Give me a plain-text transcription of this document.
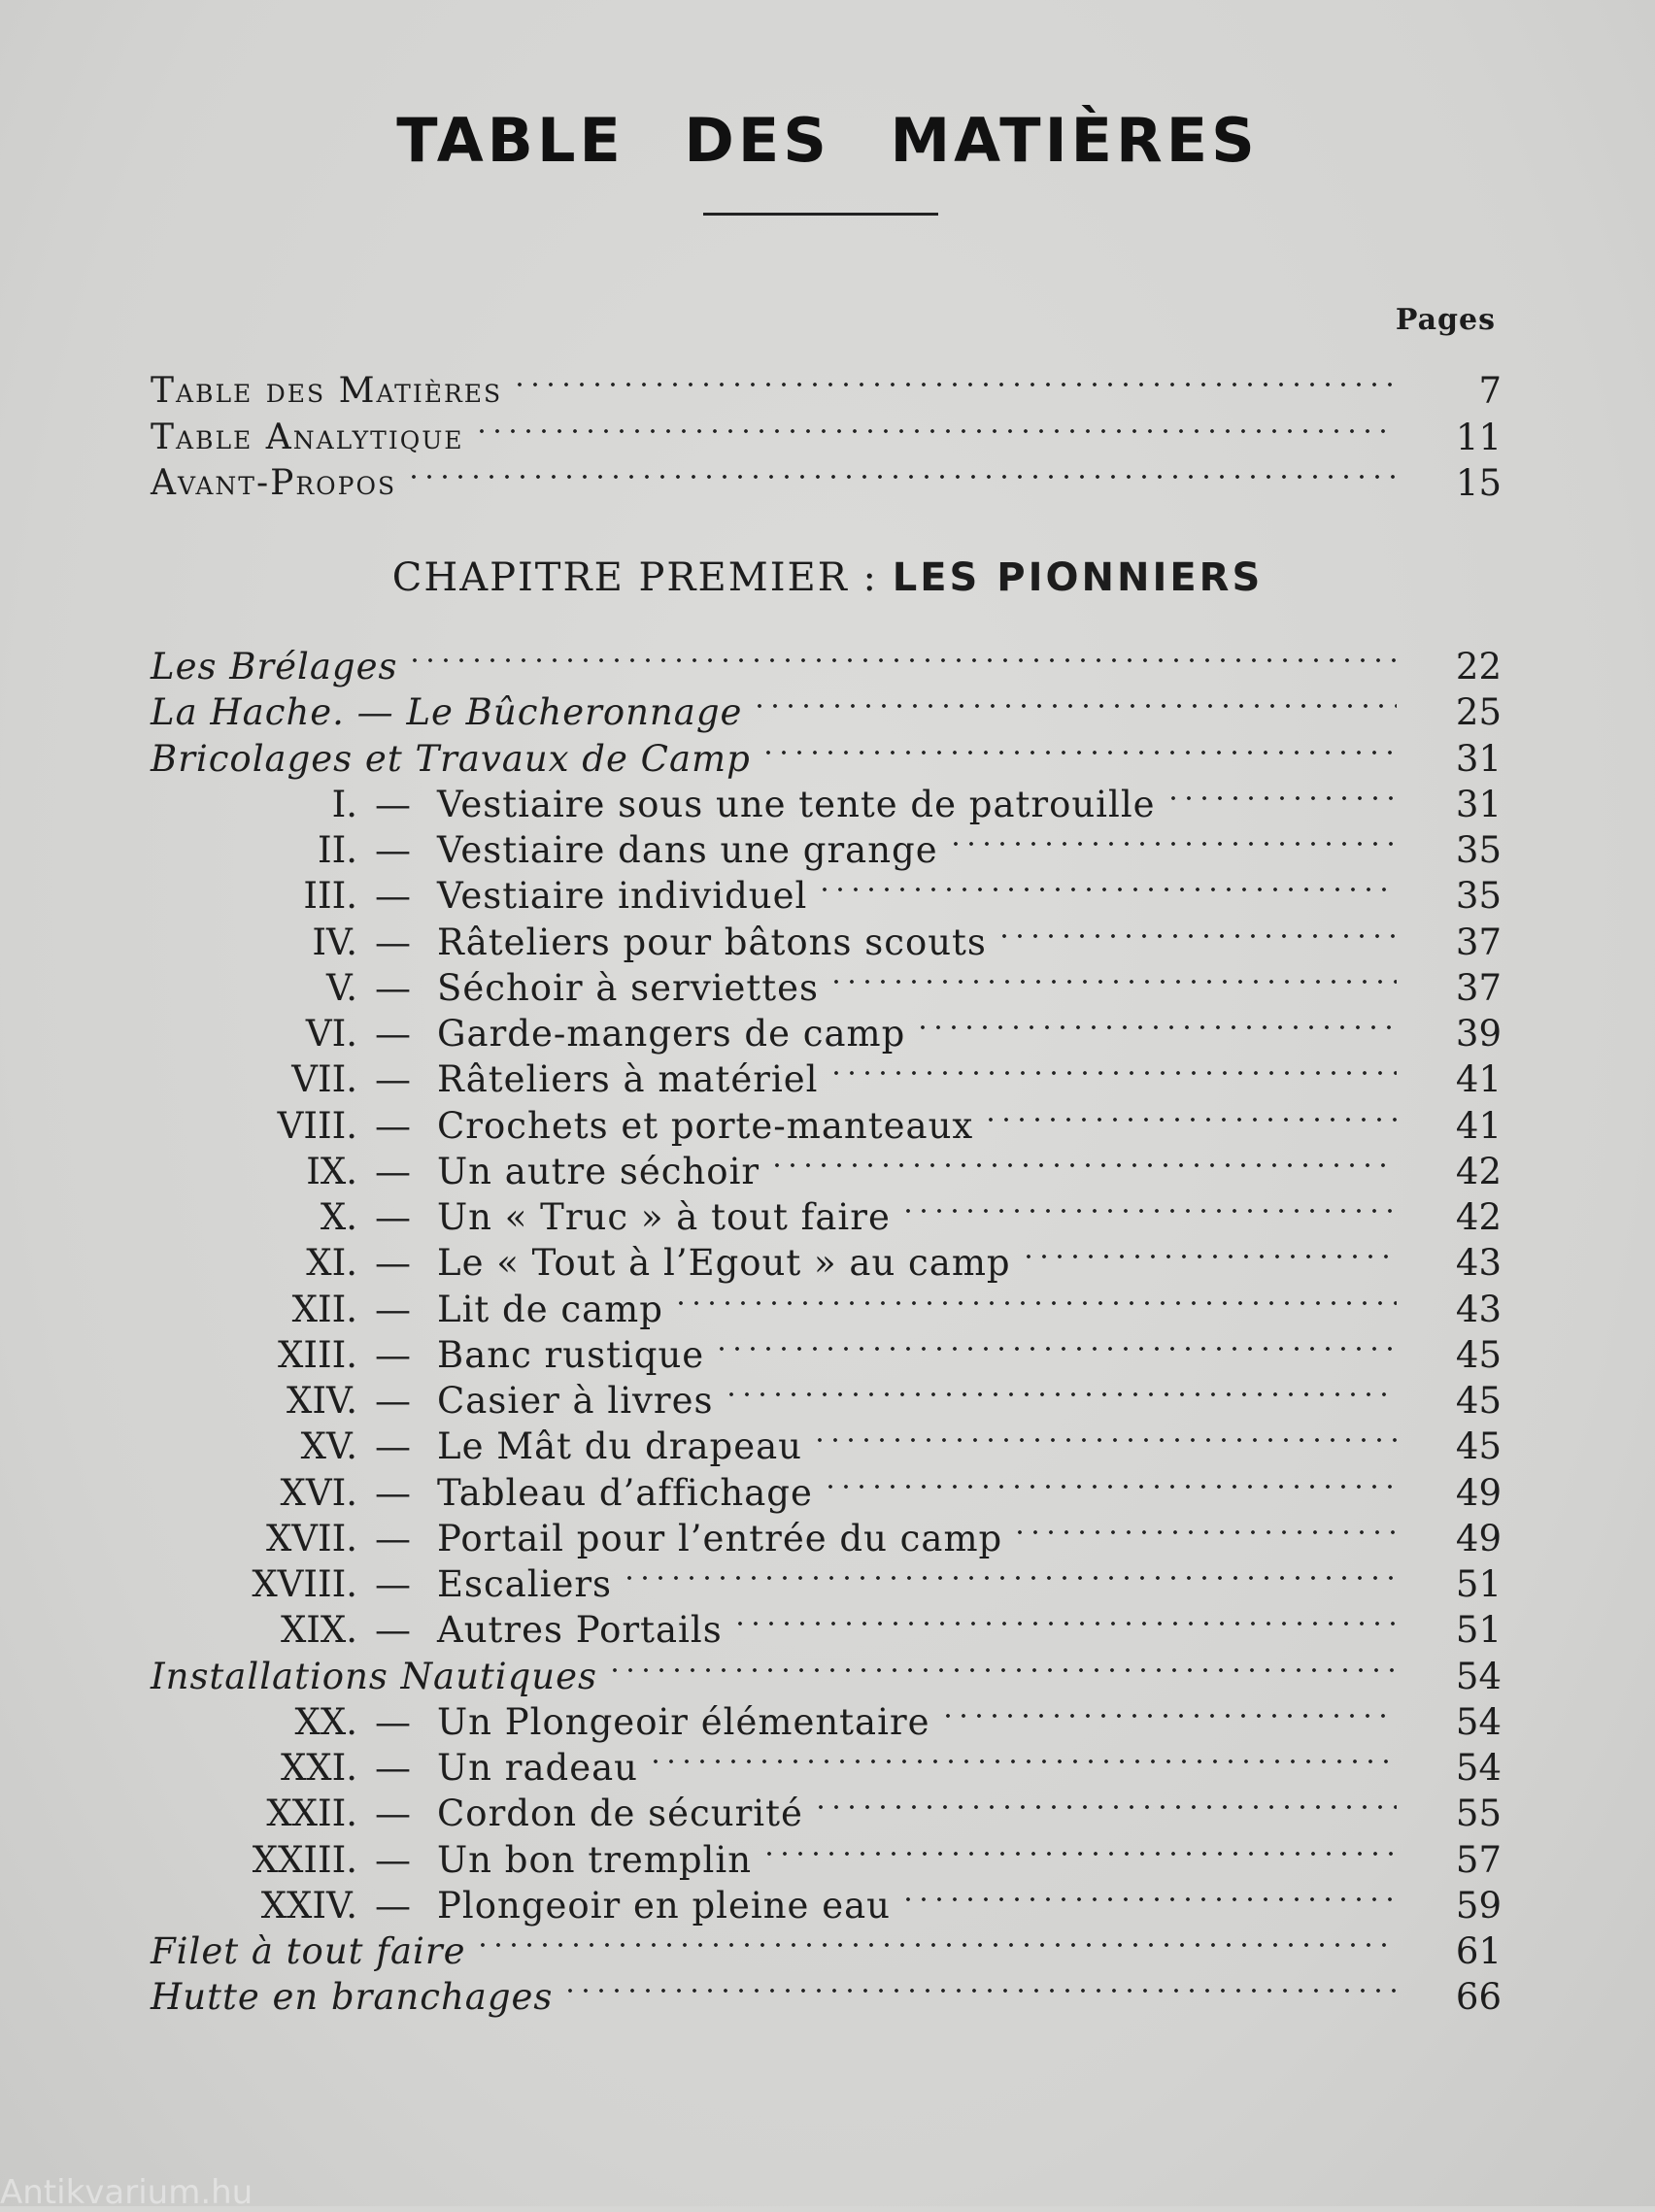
TABLE DES MATIÈRES
Pages
Table des Matières	7
Table Analytique	11
Avant-Propos	15
CHAPITRE PREMIER : LES PIONNIERS
Les Brélages	22
La Hache. — Le Bûcheronnage	25
Bricolages et Travaux de Camp	31
I. — Vestiaire sous une tente de patrouille	31
II. — Vestiaire dans une grange	35
III. — Vestiaire individuel	35
IV. — Râteliers pour bâtons scouts	37
V. — Séchoir à serviettes	37
VI. — Garde-mangers de camp	39
VII. — Râteliers à matériel	41
VIII. — Crochets et porte-manteaux	41
IX. — Un autre séchoir	42
X. — Un « Truc » à tout faire	42
XI. — Le « Tout à l’Egout » au camp	43
XII. — Lit de camp	43
XIII. — Banc rustique	45
XIV. — Casier à livres	45
XV. — Le Mât du drapeau	45
XVI. — Tableau d’affichage	49
XVII. — Portail pour l’entrée du camp	49
XVIII. — Escaliers	51
XIX. — Autres Portails	51
Installations Nautiques	54
XX. — Un Plongeoir élémentaire	54
XXI. — Un radeau	54
XXII. — Cordon de sécurité	55
XXIII. — Un bon tremplin	57
XXIV. — Plongeoir en pleine eau	59
Filet à tout faire	61
Hutte en branchages	66
Antikvarium.hu
